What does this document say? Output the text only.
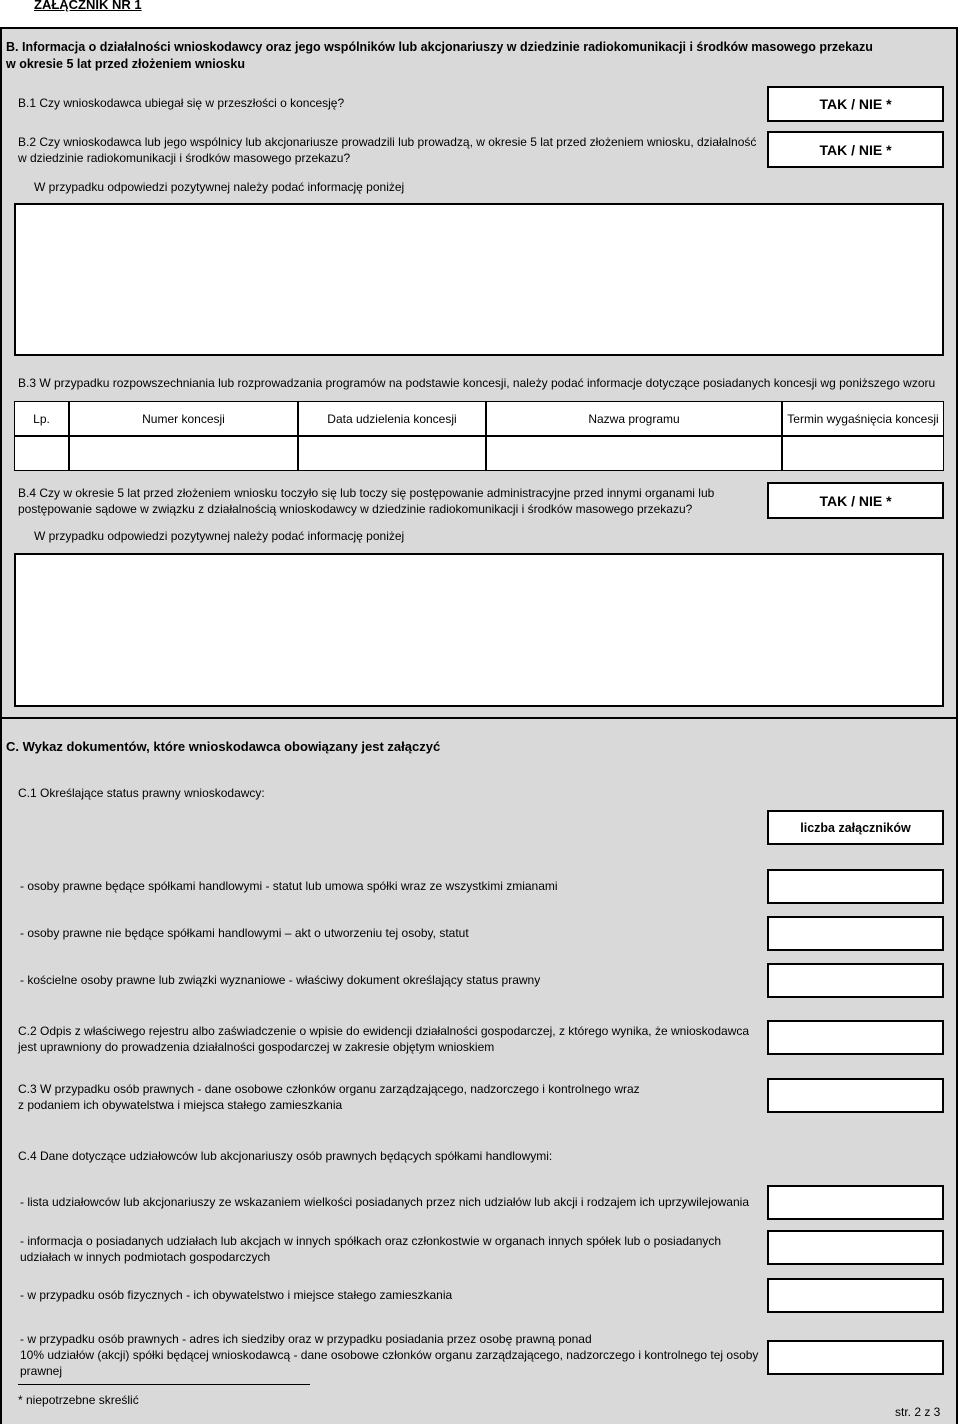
ZAŁĄCZNIK NR 1
B. Informacja o działalności wnioskodawcy oraz jego wspólników lub akcjonariuszy w dziedzinie radiokomunikacji i środków masowego przekazu
w okresie 5 lat przed złożeniem wniosku
B.1 Czy wnioskodawca ubiegał się w przeszłości o koncesję?	TAK / NIE *
B.2 Czy wnioskodawca lub jego wspólnicy lub akcjonariusze prowadzili lub prowadzą, w okresie 5 lat przed złożeniem wniosku, działalność
w dziedzinie radiokomunikacji i środków masowego przekazu?
TAK / NIE *
W przypadku odpowiedzi pozytywnej należy podać informację poniżej
B.3 W przypadku rozpowszechniania lub rozprowadzania programów na podstawie koncesji, należy podać informacje dotyczące posiadanych koncesji wg poniższego wzoru
Lp.	Numer koncesji	Data udzielenia koncesji	Nazwa programu	Termin wygaśnięcia koncesji
B.4 Czy w okresie 5 lat przed złożeniem wniosku toczyło się lub toczy się postępowanie administracyjne przed innymi organami lub
postępowanie sądowe w związku z działalnością wnioskodawcy w dziedzinie radiokomunikacji i środków masowego przekazu?
TAK / NIE *
W przypadku odpowiedzi pozytywnej należy podać informację poniżej
C. Wykaz dokumentów, które wnioskodawca obowiązany jest załączyć
C.1 Określające status prawny wnioskodawcy:
liczba załączników
- osoby prawne będące spółkami handlowymi - statut lub umowa spółki wraz ze wszystkimi zmianami
- osoby prawne nie będące spółkami handlowymi – akt o utworzeniu tej osoby, statut
- kościelne osoby prawne lub związki wyznaniowe - właściwy dokument określający status prawny
C.2 Odpis z właściwego rejestru albo zaświadczenie o wpisie do ewidencji działalności gospodarczej, z którego wynika, że wnioskodawca
jest uprawniony do prowadzenia działalności gospodarczej w zakresie objętym wnioskiem
C.3 W przypadku osób prawnych - dane osobowe członków organu zarządzającego, nadzorczego i kontrolnego wraz
z podaniem ich obywatelstwa i miejsca stałego zamieszkania
C.4 Dane dotyczące udziałowców lub akcjonariuszy osób prawnych będących spółkami handlowymi:
- lista udziałowców lub akcjonariuszy ze wskazaniem wielkości posiadanych przez nich udziałów lub akcji i rodzajem ich uprzywilejowania
- informacja o posiadanych udziałach lub akcjach w innych spółkach oraz członkostwie w organach innych spółek lub o posiadanych
udziałach w innych podmiotach gospodarczych
- w przypadku osób fizycznych - ich obywatelstwo i miejsce stałego zamieszkania
- w przypadku osób prawnych - adres ich siedziby oraz w przypadku posiadania przez osobę prawną ponad
10% udziałów (akcji) spółki będącej wnioskodawcą - dane osobowe członków organu zarządzającego, nadzorczego i kontrolnego tej osoby
prawnej
* niepotrzebne skreślić
str. 2 z 3
